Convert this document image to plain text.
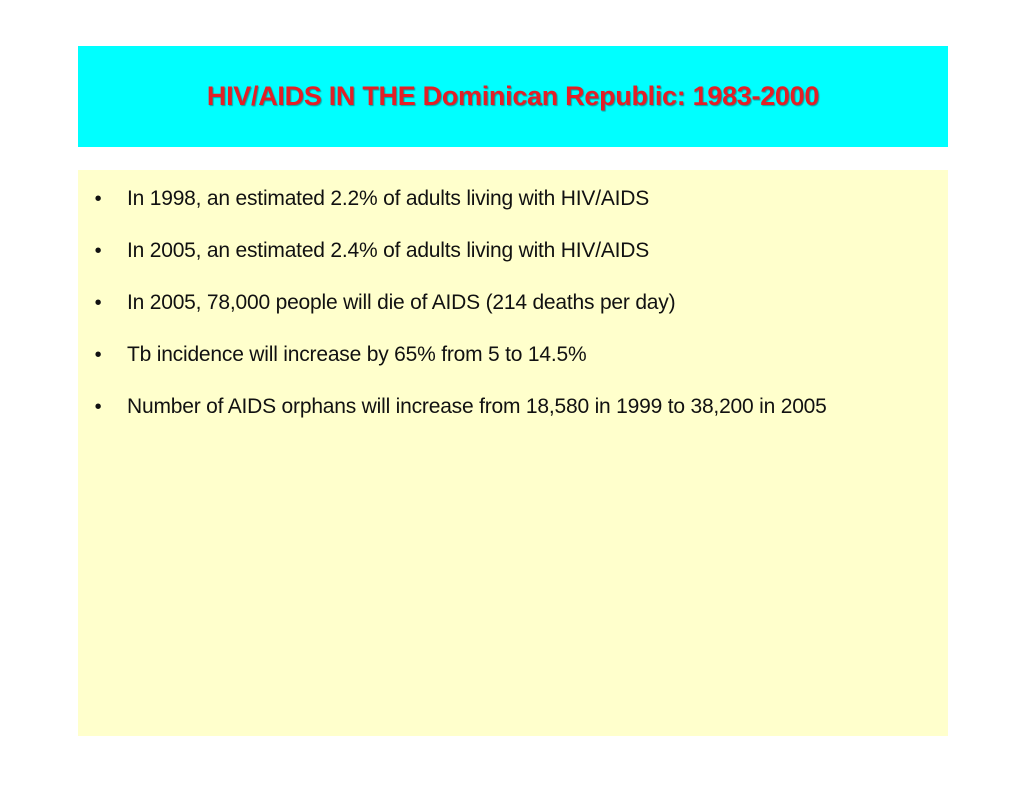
HIV/AIDS IN THE Dominican Republic: 1983-2000
•	In 1998, an estimated 2.2% of adults living with HIV/AIDS
•	In 2005, an estimated 2.4% of adults living with HIV/AIDS
•	In 2005, 78,000 people will die of AIDS (214 deaths per day)
•	Tb incidence will increase by 65% from 5 to 14.5%
•	Number of AIDS orphans will increase from 18,580 in 1999 to 38,200 in 2005
